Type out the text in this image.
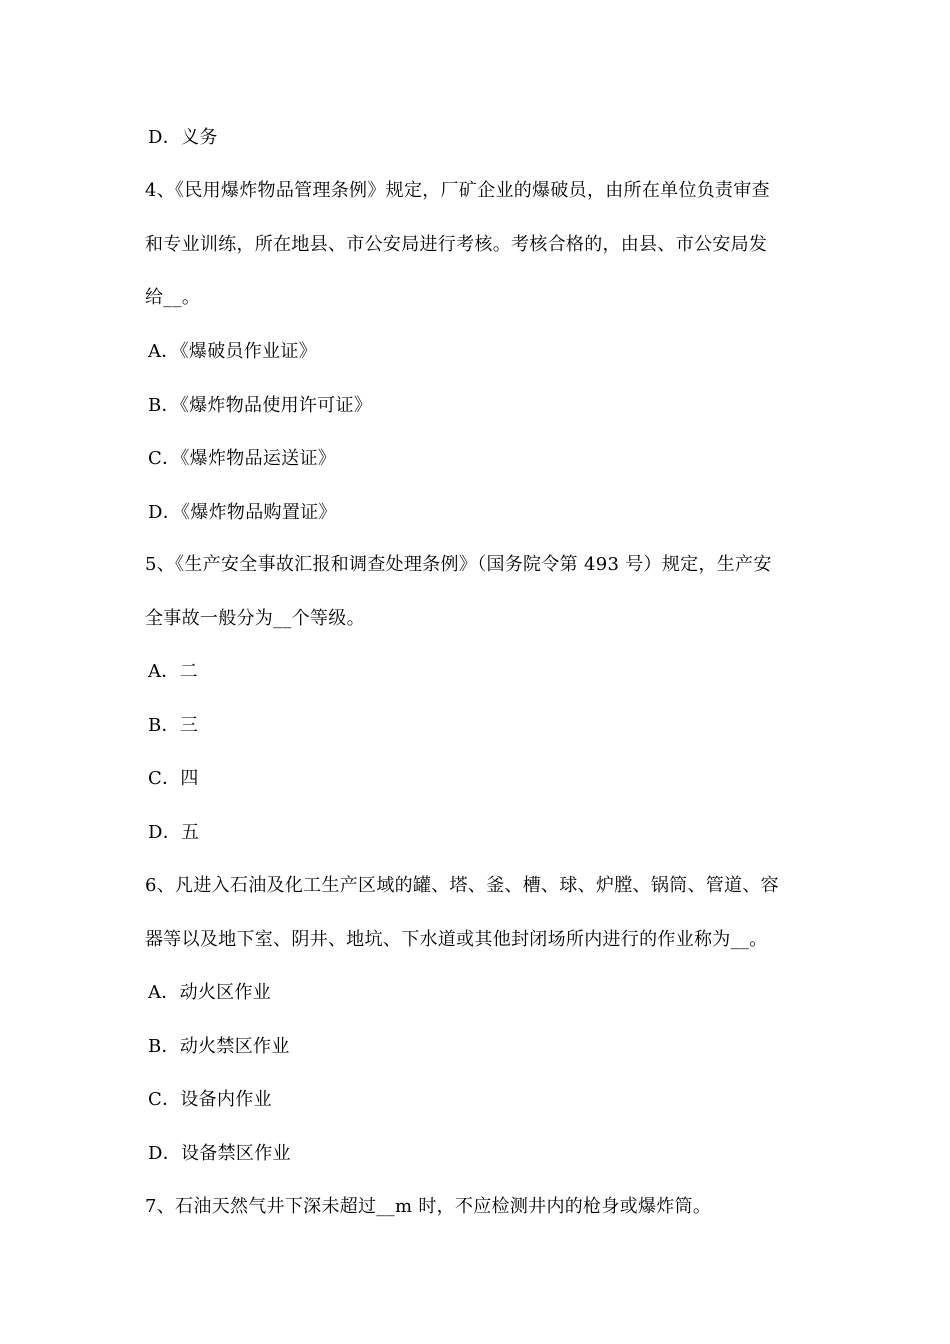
D．义务
4、《民用爆炸物品管理条例》规定，厂矿企业的爆破员，由所在单位负责审查
和专业训练，所在地县、市公安局进行考核。考核合格的，由县、市公安局发
给__。
A．《爆破员作业证》
B．《爆炸物品使用许可证》
C．《爆炸物品运送证》
D．《爆炸物品购置证》
5、《生产安全事故汇报和调查处理条例》（国务院令第 493 号）规定，生产安
全事故一般分为__个等级。
A．二
B．三
C．四
D．五
6、凡进入石油及化工生产区域的罐、塔、釜、槽、球、炉膛、锅筒、管道、容
器等以及地下室、阴井、地坑、下水道或其他封闭场所内进行的作业称为__。
A．动火区作业
B．动火禁区作业
C．设备内作业
D．设备禁区作业
7、石油天然气井下深未超过__m 时，不应检测井内的枪身或爆炸筒。
